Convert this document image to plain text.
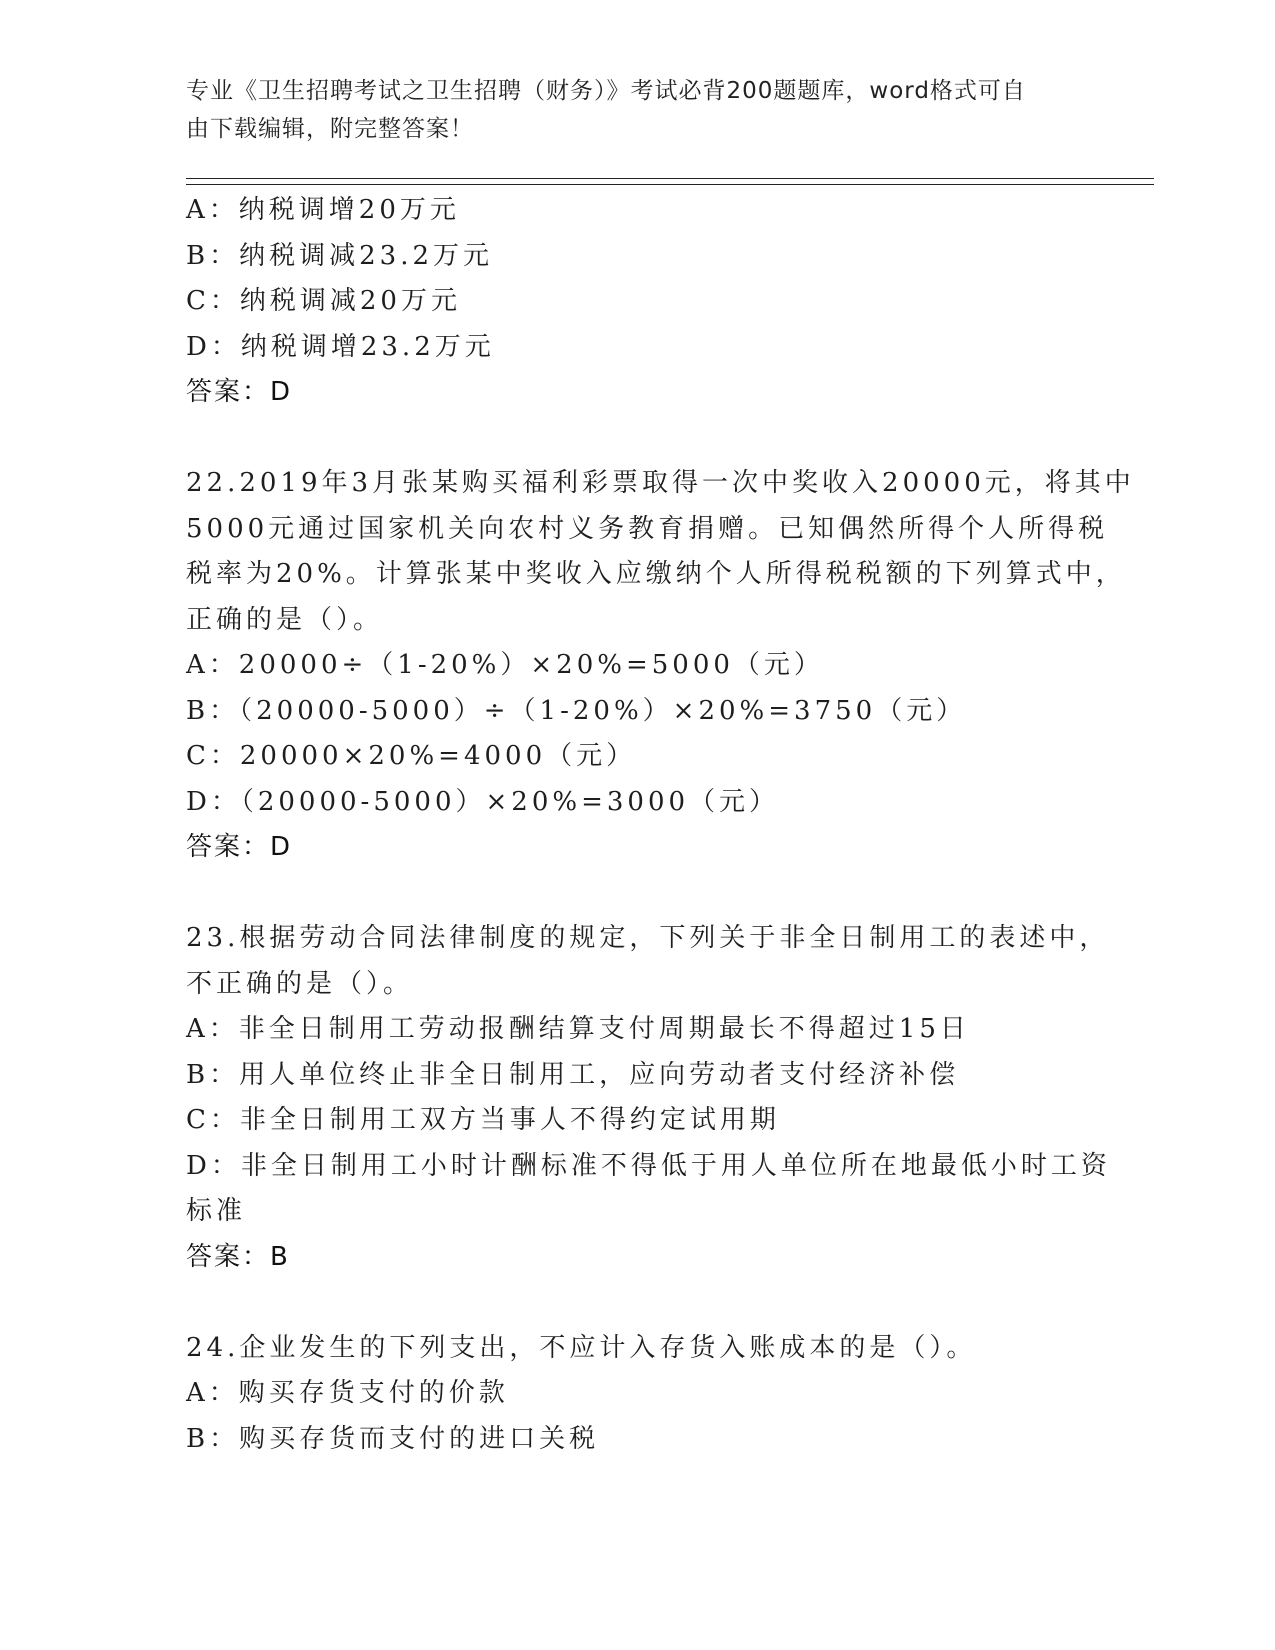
专业《卫生招聘考试之卫生招聘（财务）》考试必背200题题库，word格式可自
由下载编辑，附完整答案！
A：纳税调增20万元
B：纳税调减23.2万元
C：纳税调减20万元
D：纳税调增23.2万元
答案：D
22.2019年3月张某购买福利彩票取得一次中奖收入20000元，将其中
5000元通过国家机关向农村义务教育捐赠。已知偶然所得个人所得税
税率为20%。计算张某中奖收入应缴纳个人所得税税额的下列算式中，
正确的是（）。
A：20000÷（1-20%）×20%=5000（元）
B：（20000-5000）÷（1-20%）×20%=3750（元）
C：20000×20%=4000（元）
D：（20000-5000）×20%=3000（元）
答案：D
23.根据劳动合同法律制度的规定，下列关于非全日制用工的表述中，
不正确的是（）。
A：非全日制用工劳动报酬结算支付周期最长不得超过15日
B：用人单位终止非全日制用工，应向劳动者支付经济补偿
C：非全日制用工双方当事人不得约定试用期
D：非全日制用工小时计酬标准不得低于用人单位所在地最低小时工资
标准
答案：B
24.企业发生的下列支出，不应计入存货入账成本的是（）。
A：购买存货支付的价款
B：购买存货而支付的进口关税
